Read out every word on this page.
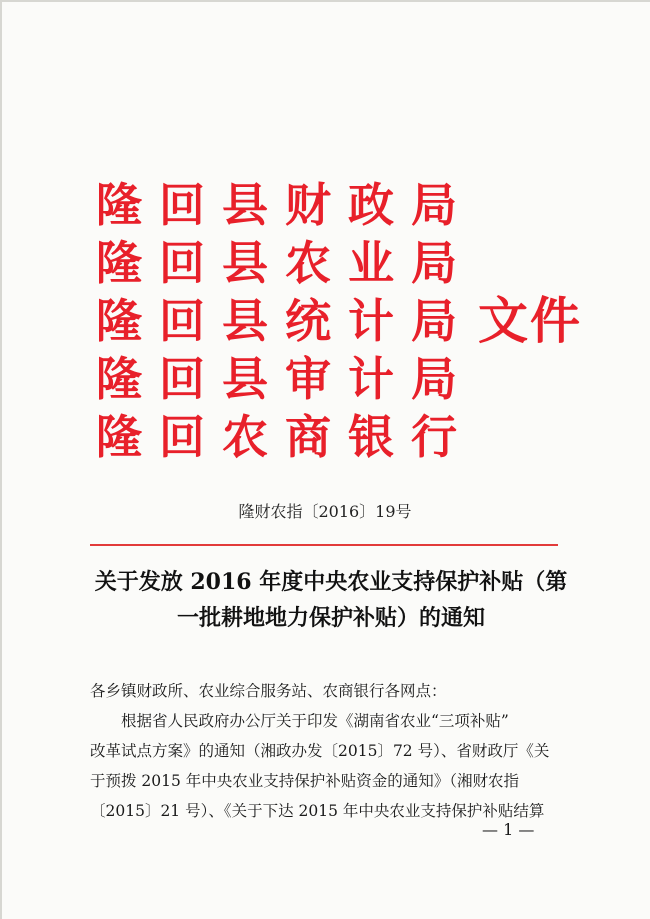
隆 回 县 财 政 局
隆 回 县 农 业 局
隆 回 县 统 计 局
隆 回 县 审 计 局
隆 回 农 商 银 行
文件
隆财农指〔2016〕19号
关于发放 2016 年度中央农业支持保护补贴（第
一批耕地地力保护补贴）的通知
各乡镇财政所、农业综合服务站、农商银行各网点：
　　根据省人民政府办公厅关于印发《湖南省农业“三项补贴”
改革试点方案》的通知（湘政办发〔2015〕72 号）、省财政厅《关
于预拨 2015 年中央农业支持保护补贴资金的通知》（湘财农指
〔2015〕21 号）、《关于下达 2015 年中央农业支持保护补贴结算
— 1 —
